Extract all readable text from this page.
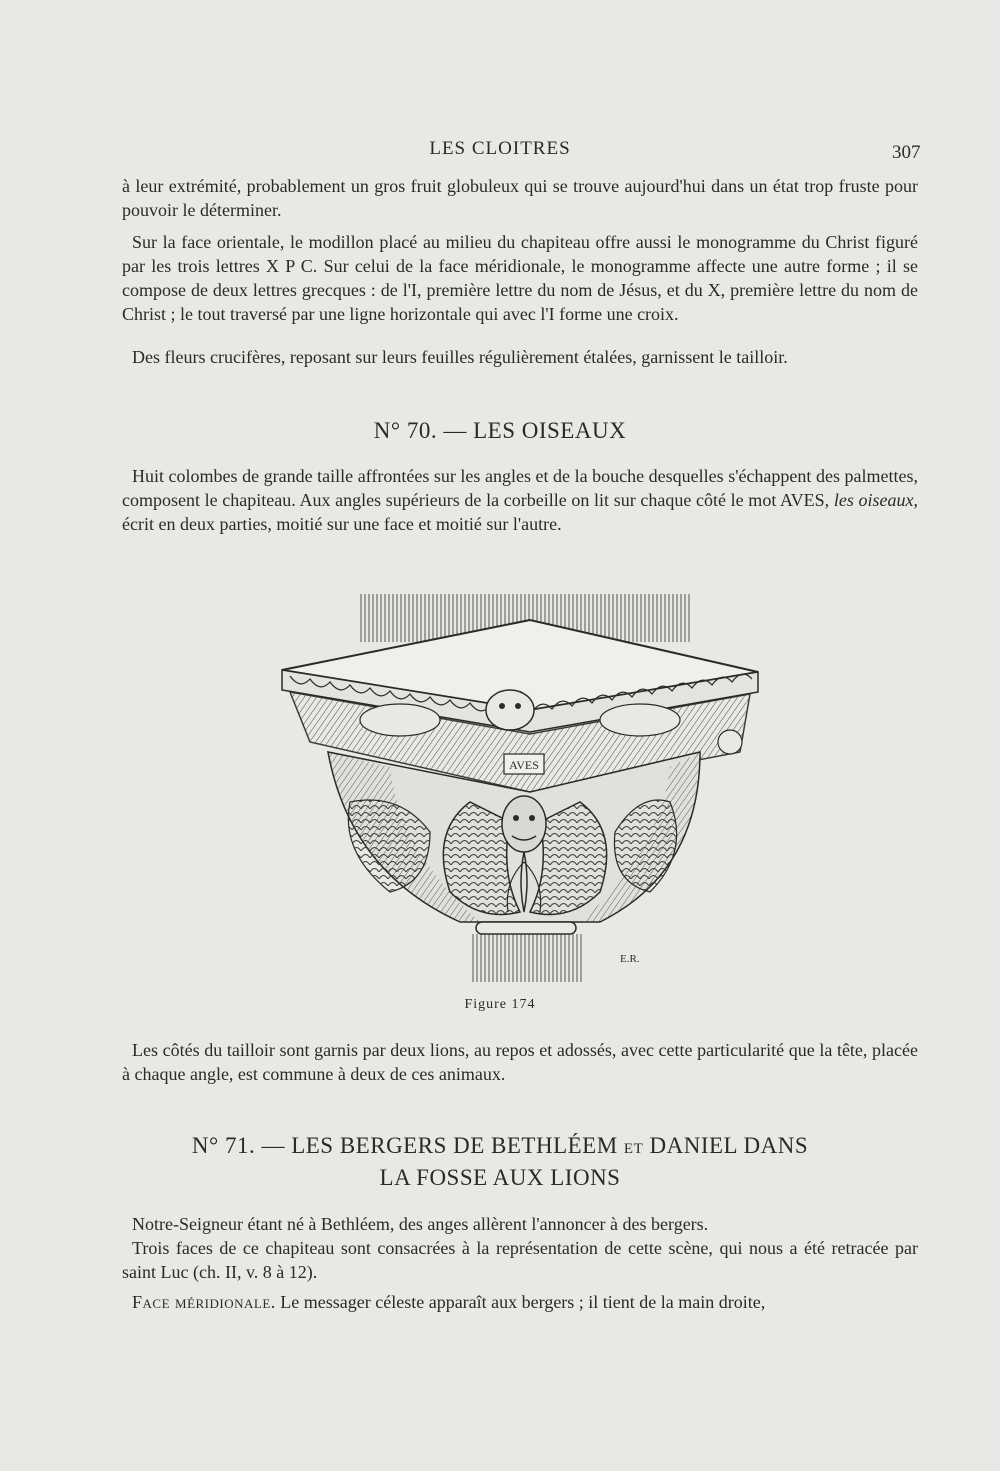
LES CLOITRES	307

à leur extrémité, probablement un gros fruit globuleux qui se trouve aujourd'hui dans un état trop fruste pour pouvoir le déterminer.

Sur la face orientale, le modillon placé au milieu du chapiteau offre aussi le monogramme du Christ figuré par les trois lettres X P C. Sur celui de la face méridionale, le monogramme affecte une autre forme ; il se compose de deux lettres grecques : de l'I, première lettre du nom de Jésus, et du X, première lettre du nom de Christ ; le tout traversé par une ligne horizontale qui avec l'I forme une croix.

Des fleurs crucifères, reposant sur leurs feuilles régulièrement étalées, garnissent le tailloir.

N° 70. — LES OISEAUX

Huit colombes de grande taille affrontées sur les angles et de la bouche desquelles s'échappent des palmettes, composent le chapiteau. Aux angles supérieurs de la corbeille on lit sur chaque côté le mot AVES, les oiseaux, écrit en deux parties, moitié sur une face et moitié sur l'autre.

AVES
E.R.
Figure 174

Les côtés du tailloir sont garnis par deux lions, au repos et adossés, avec cette particularité que la tête, placée à chaque angle, est commune à deux de ces animaux.

N° 71. — LES BERGERS DE BETHLÉEM ET DANIEL DANS
LA FOSSE AUX LIONS

Notre-Seigneur étant né à Bethléem, des anges allèrent l'annoncer à des bergers.

Trois faces de ce chapiteau sont consacrées à la représentation de cette scène, qui nous a été retracée par saint Luc (ch. II, v. 8 à 12).

Face méridionale. Le messager céleste apparaît aux bergers ; il tient de la main droite,
